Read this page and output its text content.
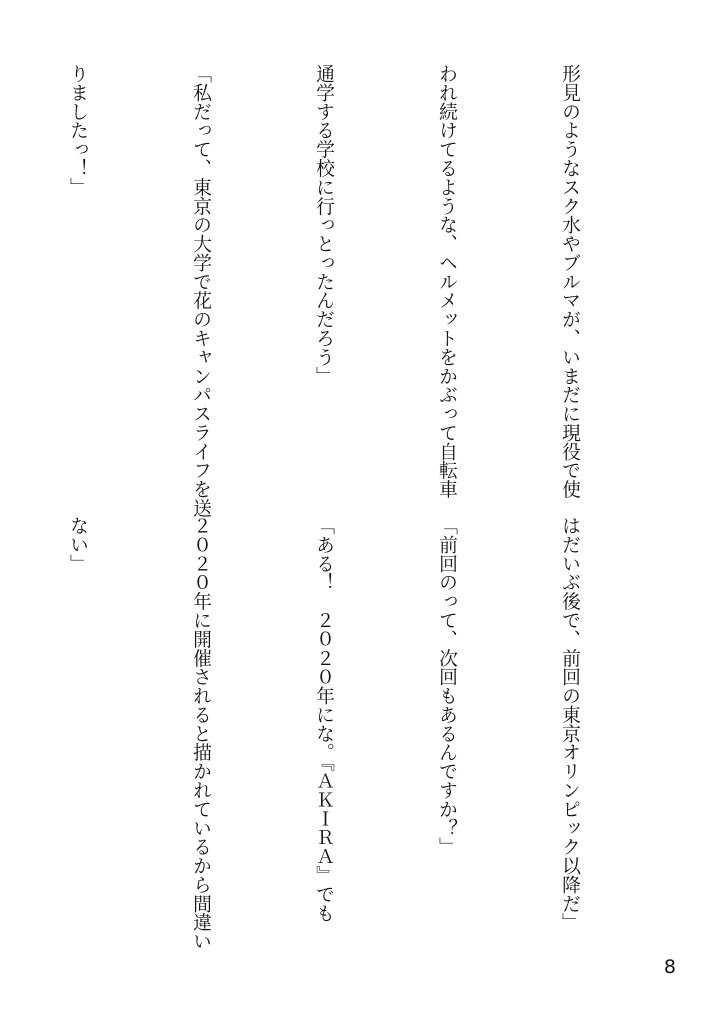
形見のようなスク水やブルマが、いまだに現役で使

われ続けてるような、ヘルメットをかぶって自転車

通学する学校に行っとったんだろう」

「私だって、東京の大学で花のキャンパスライフを送

りましたっ！」

はだいぶ後で、前回の東京オリンピック以降だ」

「前回のって、次回もあるんですか？」

「ある！　２０２０年にな。『ＡＫＩＲＡ』でも

２０２０年に開催されると描かれているから間違い

ない」

8
